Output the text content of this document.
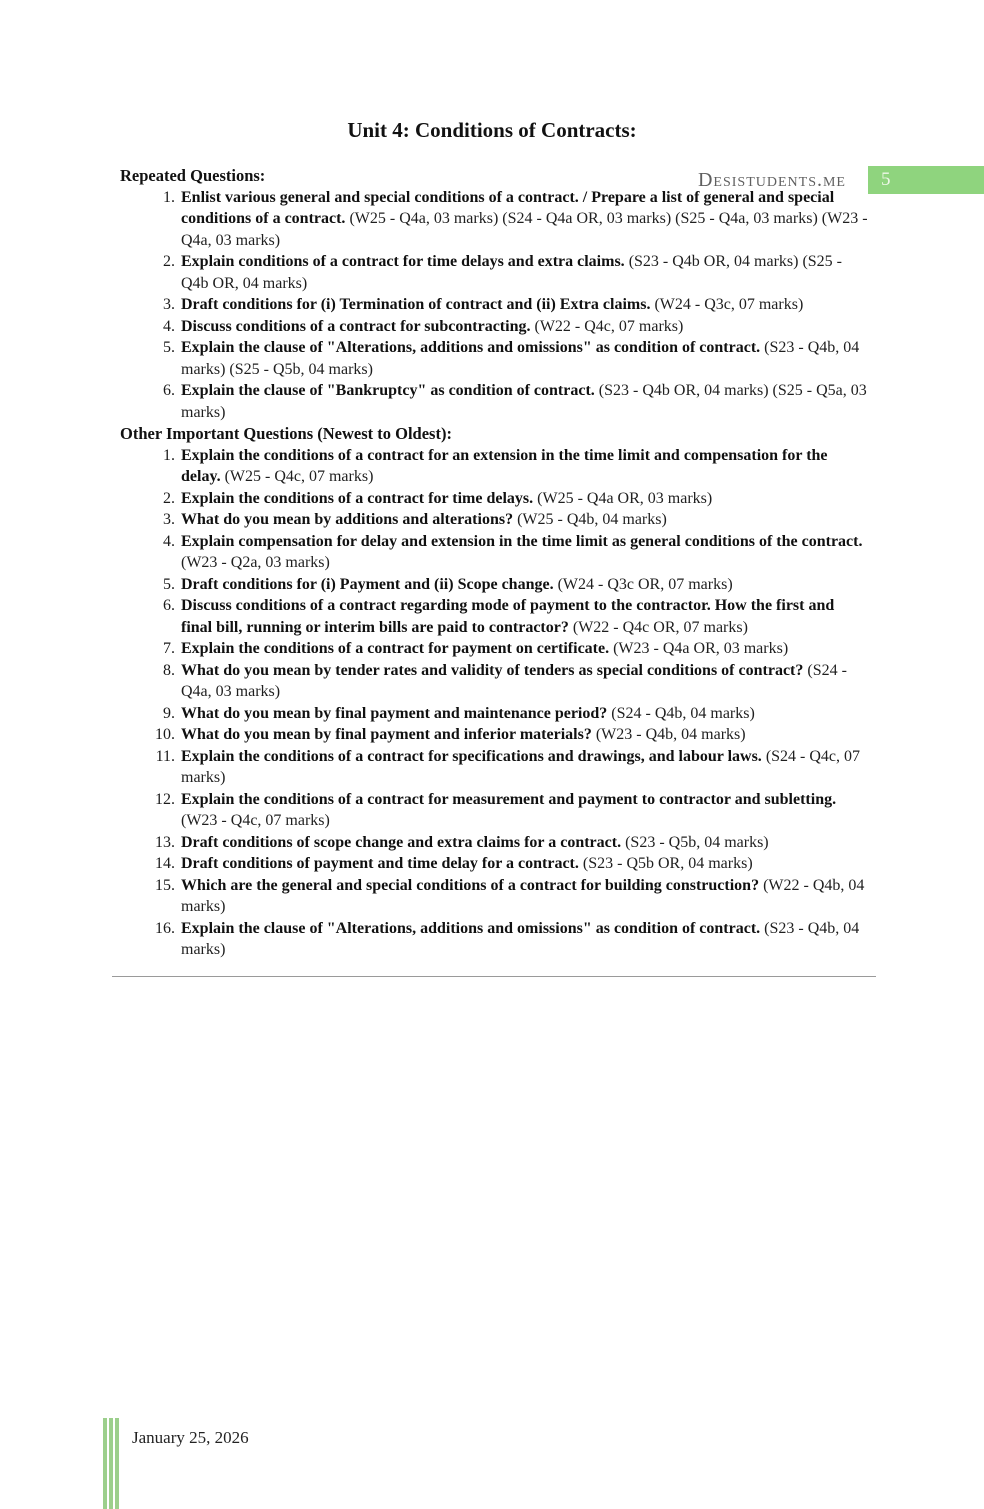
Desistudents.me	5
Unit 4: Conditions of Contracts:
Repeated Questions:
1. Enlist various general and special conditions of a contract. / Prepare a list of general and special conditions of a contract. (W25 - Q4a, 03 marks) (S24 - Q4a OR, 03 marks) (S25 - Q4a, 03 marks) (W23 - Q4a, 03 marks)
2. Explain conditions of a contract for time delays and extra claims. (S23 - Q4b OR, 04 marks) (S25 - Q4b OR, 04 marks)
3. Draft conditions for (i) Termination of contract and (ii) Extra claims. (W24 - Q3c, 07 marks)
4. Discuss conditions of a contract for subcontracting. (W22 - Q4c, 07 marks)
5. Explain the clause of "Alterations, additions and omissions" as condition of contract. (S23 - Q4b, 04 marks) (S25 - Q5b, 04 marks)
6. Explain the clause of "Bankruptcy" as condition of contract. (S23 - Q4b OR, 04 marks) (S25 - Q5a, 03 marks)
Other Important Questions (Newest to Oldest):
1. Explain the conditions of a contract for an extension in the time limit and compensation for the delay. (W25 - Q4c, 07 marks)
2. Explain the conditions of a contract for time delays. (W25 - Q4a OR, 03 marks)
3. What do you mean by additions and alterations? (W25 - Q4b, 04 marks)
4. Explain compensation for delay and extension in the time limit as general conditions of the contract. (W23 - Q2a, 03 marks)
5. Draft conditions for (i) Payment and (ii) Scope change. (W24 - Q3c OR, 07 marks)
6. Discuss conditions of a contract regarding mode of payment to the contractor. How the first and final bill, running or interim bills are paid to contractor? (W22 - Q4c OR, 07 marks)
7. Explain the conditions of a contract for payment on certificate. (W23 - Q4a OR, 03 marks)
8. What do you mean by tender rates and validity of tenders as special conditions of contract? (S24 - Q4a, 03 marks)
9. What do you mean by final payment and maintenance period? (S24 - Q4b, 04 marks)
10. What do you mean by final payment and inferior materials? (W23 - Q4b, 04 marks)
11. Explain the conditions of a contract for specifications and drawings, and labour laws. (S24 - Q4c, 07 marks)
12. Explain the conditions of a contract for measurement and payment to contractor and subletting. (W23 - Q4c, 07 marks)
13. Draft conditions of scope change and extra claims for a contract. (S23 - Q5b, 04 marks)
14. Draft conditions of payment and time delay for a contract. (S23 - Q5b OR, 04 marks)
15. Which are the general and special conditions of a contract for building construction? (W22 - Q4b, 04 marks)
16. Explain the clause of "Alterations, additions and omissions" as condition of contract. (S23 - Q4b, 04 marks)
January 25, 2026
